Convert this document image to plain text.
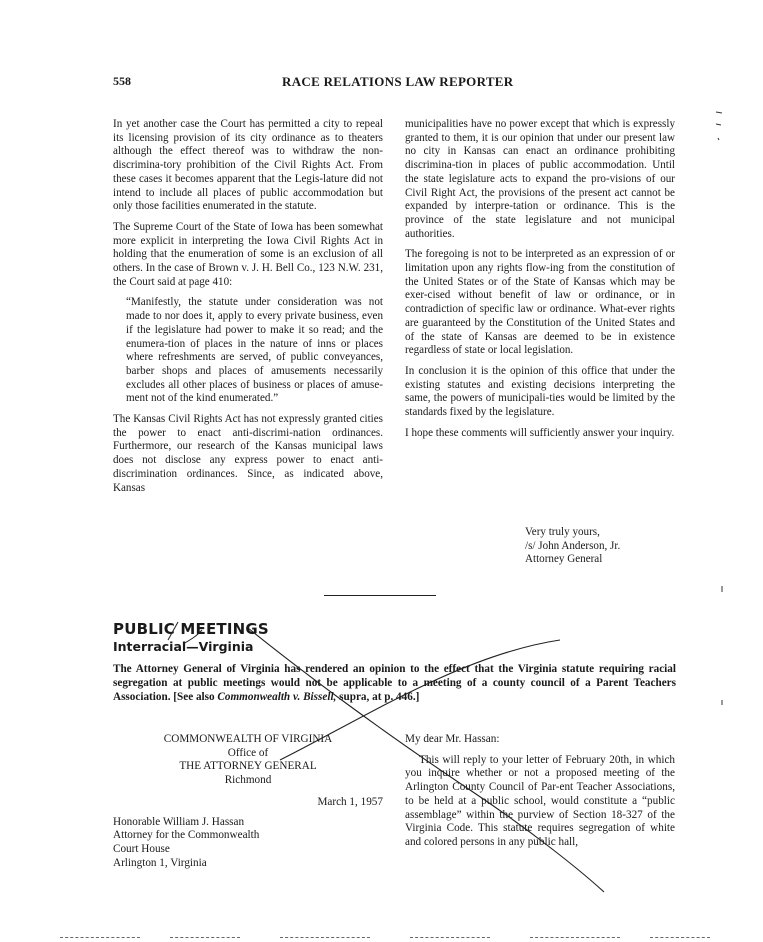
558	RACE RELATIONS LAW REPORTER

In yet another case the Court has permitted a city to repeal its licensing provision of its city ordinance as to theaters although the effect thereof was to withdraw the non-discrimina-tory prohibition of the Civil Rights Act. From these cases it becomes apparent that the Legis-lature did not intend to include all places of public accommodation but only those facilities enumerated in the statute.

The Supreme Court of the State of Iowa has been somewhat more explicit in interpreting the Iowa Civil Rights Act in holding that the enumeration of some is an exclusion of all others. In the case of Brown v. J. H. Bell Co., 123 N.W. 231, the Court said at page 410:

“Manifestly, the statute under consideration was not made to nor does it, apply to every private business, even if the legislature had power to make it so read; and the enumera-tion of places in the nature of inns or places where refreshments are served, of public conveyances, barber shops and places of amusements necessarily excludes all other places of business or places of amuse-ment not of the kind enumerated.”

The Kansas Civil Rights Act has not expressly granted cities the power to enact anti-discrimi-nation ordinances. Furthermore, our research of the Kansas municipal laws does not disclose any express power to enact anti-discrimination ordinances. Since, as indicated above, Kansas

municipalities have no power except that which is expressly granted to them, it is our opinion that under our present law no city in Kansas can enact an ordinance prohibiting discrimina-tion in places of public accommodation. Until the state legislature acts to expand the pro-visions of our Civil Right Act, the provisions of the present act cannot be expanded by interpre-tation or ordinance. This is the province of the state legislature and not municipal authorities.

The foregoing is not to be interpreted as an expression of or limitation upon any rights flow-ing from the constitution of the United States or of the State of Kansas which may be exer-cised without benefit of law or ordinance, or in contradiction of specific law or ordinance. What-ever rights are guaranteed by the Constitution of the United States and of the state of Kansas are deemed to be in existence regardless of state or local legislation.

In conclusion it is the opinion of this office that under the existing statutes and existing decisions interpreting the same, the powers of municipali-ties would be limited by the standards fixed by the legislature.

I hope these comments will sufficiently answer your inquiry.

Very truly yours,
/s/ John Anderson, Jr.
Attorney General
PUBLIC MEETINGS
Interracial—Virginia

The Attorney General of Virginia has rendered an opinion to the effect that the Virginia statute requiring racial segregation at public meetings would not be applicable to a meeting of a county council of a Parent Teachers Association. [See also Commonwealth v. Bissell, supra, at p. 446.]

COMMONWEALTH OF VIRGINIA
Office of
THE ATTORNEY GENERAL
Richmond
March 1, 1957
Honorable William J. Hassan
Attorney for the Commonwealth
Court House
Arlington 1, Virginia

My dear Mr. Hassan:

This will reply to your letter of February 20th, in which you inquire whether or not a proposed meeting of the Arlington County Council of Par-ent Teacher Associations, to be held at a public school, would constitute a “public assemblage” within the purview of Section 18-327 of the Virginia Code. This statute requires segregation of white and colored persons in any public hall,
